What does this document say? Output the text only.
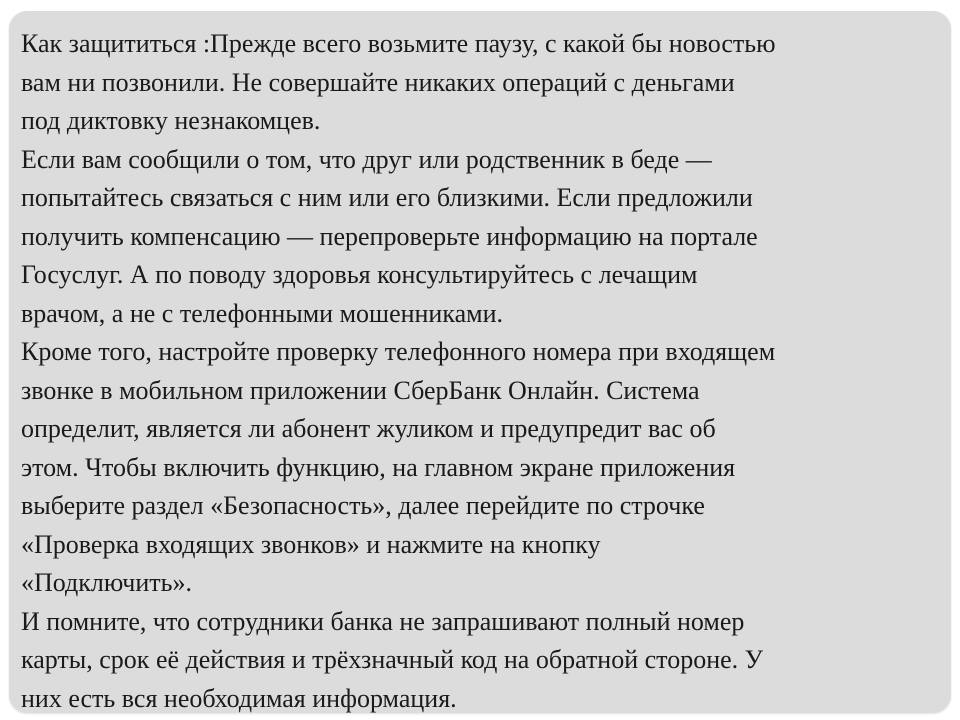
Как защититься :Прежде всего возьмите паузу, с какой бы новостью
вам ни позвонили. Не совершайте никаких операций с деньгами
под диктовку незнакомцев.
Если вам сообщили о том, что друг или родственник в беде —
попытайтесь связаться с ним или его близкими. Если предложили
получить компенсацию — перепроверьте информацию на портале
Госуслуг. А по поводу здоровья консультируйтесь с лечащим
врачом, а не с телефонными мошенниками.
Кроме того, настройте проверку телефонного номера при входящем
звонке в мобильном приложении СберБанк Онлайн. Система
определит, является ли абонент жуликом и предупредит вас об
этом. Чтобы включить функцию, на главном экране приложения
выберите раздел «Безопасность», далее перейдите по строчке
«Проверка входящих звонков» и нажмите на кнопку
«Подключить».
И помните, что сотрудники банка не запрашивают полный номер
карты, срок её действия и трёхзначный код на обратной стороне. У
них есть вся необходимая информация.
